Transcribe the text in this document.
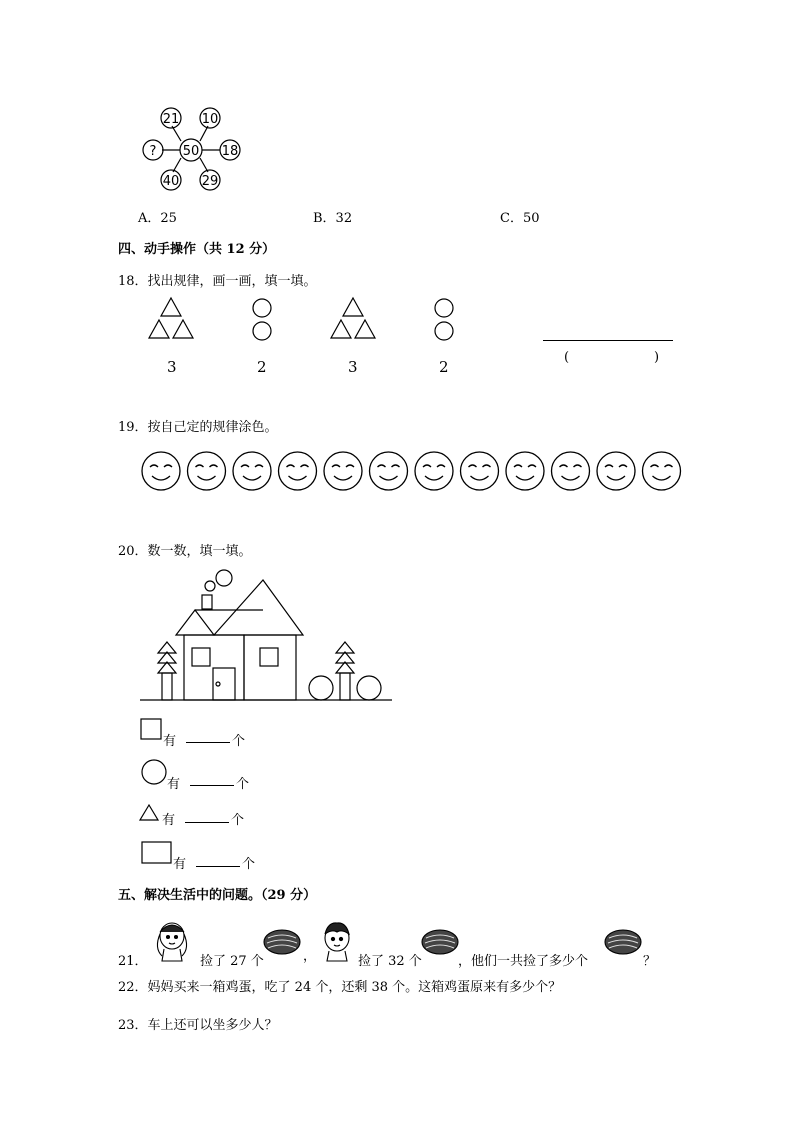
50
21 10
?	18
40 29
A．25	B．32	C．50
四、动手操作（共 12 分）
18．找出规律，画一画，填一填。
3	2	3	2
(	)
19．按自己定的规律涂色。
20．数一数，填一填。
有	个
有	个
有	个
有	个
五、解决生活中的问题。（29 分）
21．	捡了 27 个	，	捡了 32 个	，他们一共捡了多少个	？
22．妈妈买来一箱鸡蛋，吃了 24 个，还剩 38 个。这箱鸡蛋原来有多少个？
23．车上还可以坐多少人？
